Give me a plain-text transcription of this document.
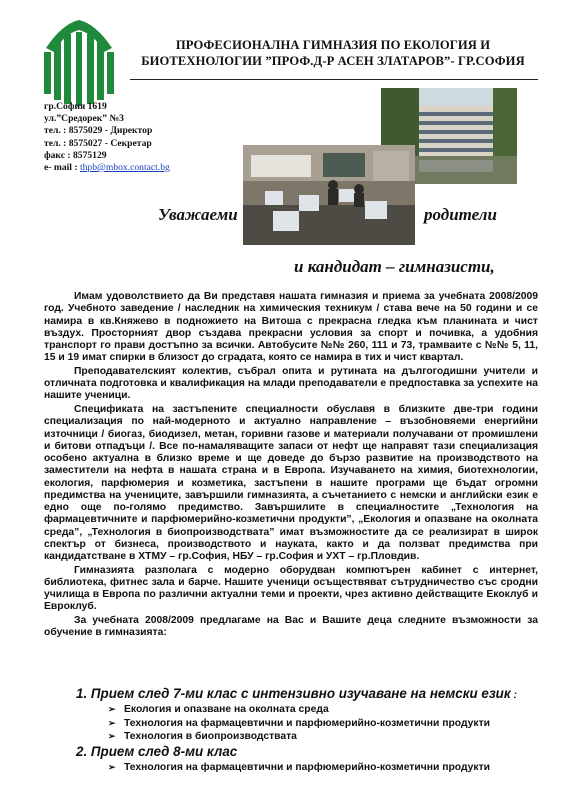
ПРОФЕСИОНАЛНА ГИМНАЗИЯ ПО ЕКОЛОГИЯ И
БИОТЕХНОЛОГИИ ”ПРОФ.Д-Р АСЕН ЗЛАТАРОВ”- ГР.СОФИЯ
гр.София 1619
ул.”Средорек” №3
тел. : 8575029 - Директор
тел. : 8575027 - Секретар
факс : 8575129
e- mail : thpb@mbox.contact.bg
Уважаеми	родители
и кандидат – гимназисти,

Имам удоволствието да Ви представя нашата гимназия и приема за учебната 2008/2009 год. Учебното заведение / наследник на химическия техникум / става вече на 50 години и се намира в кв.Княжево в подножието на Витоша с прекрасна гледка към планината и чист въздух. Просторният двор създава прекрасни условия за спорт и почивка, а удобния транспорт го прави достъпно за всички. Автобусите №№ 260, 111 и 73, трамваите с №№ 5, 11, 15 и 19 имат спирки в близост до сградата, която се намира в тих и чист квартал.

Преподавателският колектив, събрал опита и рутината на дългогодишни учители и отличната подготовка и квалификация на млади преподаватели е предпоставка за успехите на нашите ученици.

Спецификата на застъпените специалности обуславя в близките две-три години специализация по най-модерното и актуално направление – възобновяеми енергийни източници / биогаз, биодизел, метан, горивни газове и материали получавани от промишлени и битови отпадъци /. Все по-намаляващите запаси от нефт ще направят тази специализация особено актуална в близко време и ще доведе до бързо развитие на производството на заместители на нефта в нашата страна и в Европа. Изучаването на химия, биотехнологии, екология, парфюмерия и козметика, застъпени в нашите програми ще бъдат огромни предимства на учениците, завършили гимназията, а съчетанието с немски и английски език е едно още по-голямо предимство. Завършилите в специалностите „Технология на фармацевтичните и парфюмерийно-козметични продукти”, „Екология и опазване на околната среда”, „Технология в биопроизводствата” имат възможностите да се реализират в широк спектър от бизнеса, производството и науката, както и да ползват предимства при кандидатстване в ХТМУ – гр.София, НБУ – гр.София и УХТ – гр.Пловдив.

Гимназията разполага с модерно оборудван компютърен кабинет с интернет, библиотека, фитнес зала и барче. Нашите ученици осъществяват сътрудничество със сродни училища в Европа по различни актуални теми и проекти, чрез активно действащите Екоклуб и Евроклуб.

За учебната 2008/2009 предлагаме на Вас и Вашите деца следните възможности за обучение в гимназията:

1. Прием след 7-ми клас с интензивно изучаване на немски език :
➢ Екология и опазване на околната среда
➢ Технология на фармацевтични и парфюмерийно-козметични продукти
➢ Технология в биопроизводствата
2. Прием след 8-ми клас
➢ Технология на фармацевтични и парфюмерийно-козметични продукти
